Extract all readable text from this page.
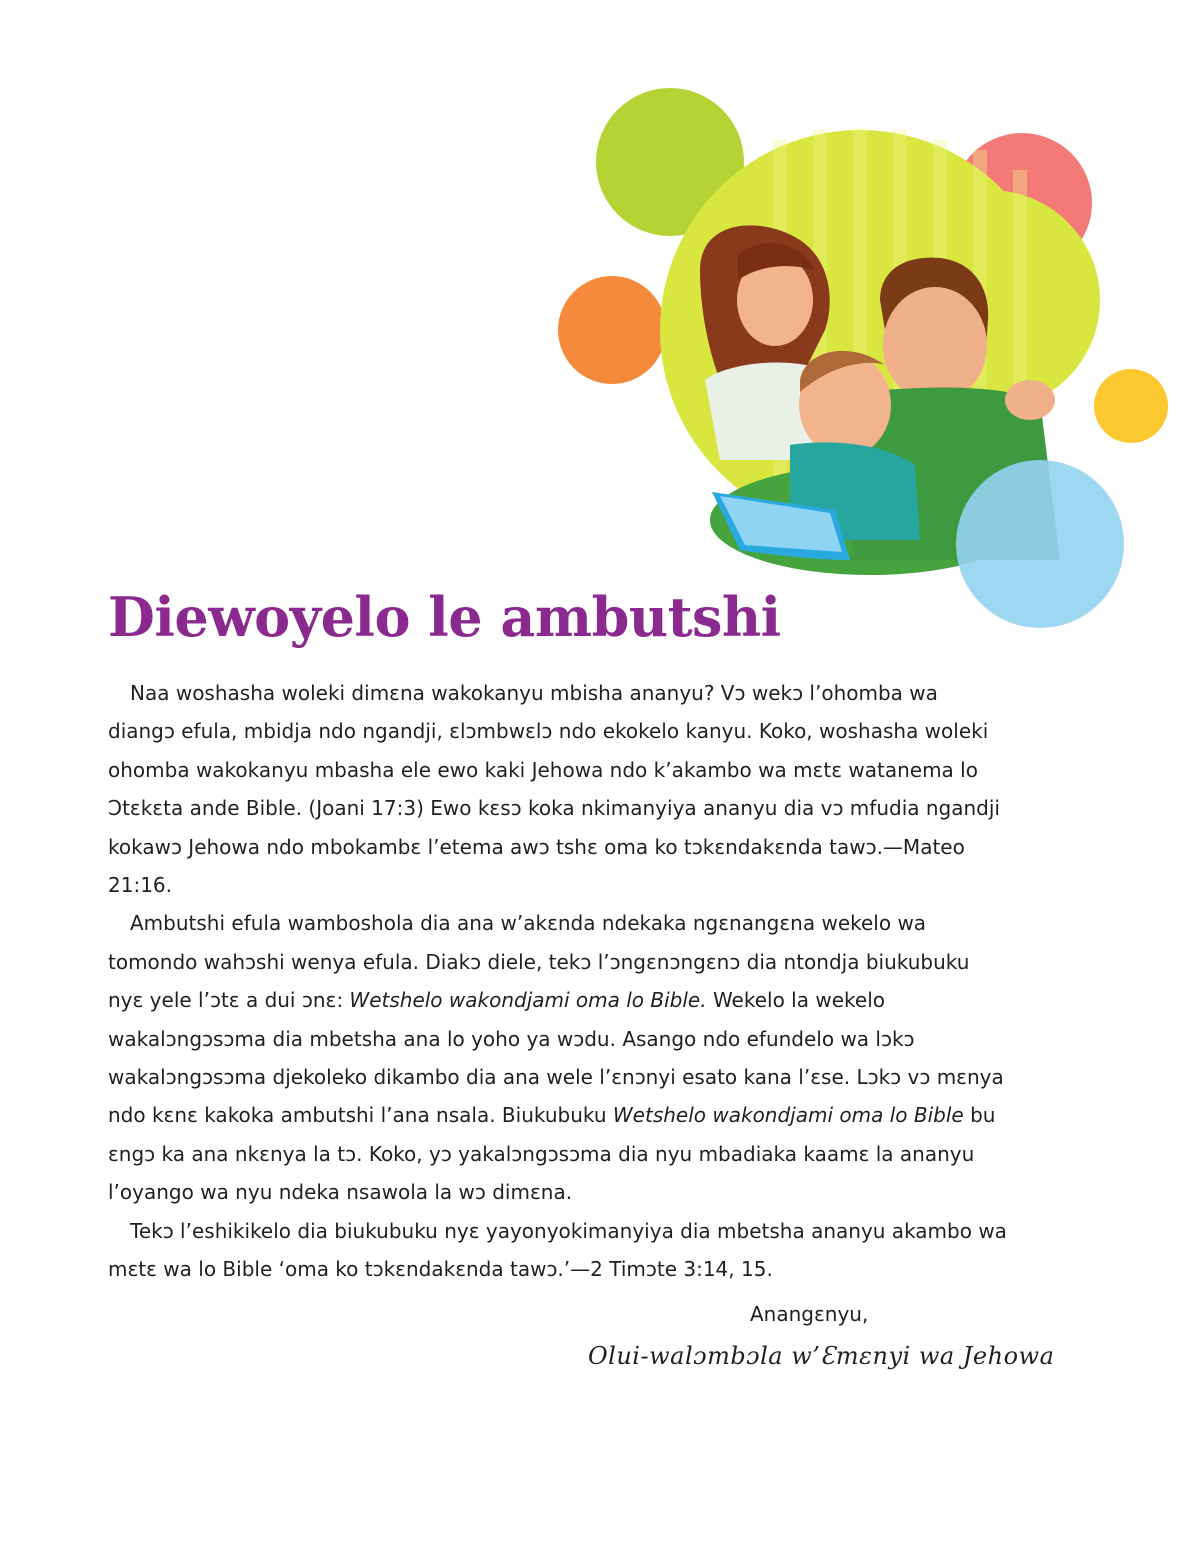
Diewoyelo le ambutshi

Naa woshasha woleki dimɛna wakokanyu mbisha ananyu? Vɔ wekɔ l’ohomba wa diangɔ efula, mbidja ndo ngandji, ɛlɔmbwɛlɔ ndo ekokelo kanyu. Koko, woshasha woleki ohomba wakokanyu mbasha ele ewo kaki Jehowa ndo k’akambo wa mɛtɛ watanema lo Ɔtɛkɛta ande Bible. (Joani 17:3) Ewo kɛsɔ koka nkimanyiya ananyu dia vɔ mfudia ngandji kokawɔ Jehowa ndo mbokambɛ l’etema awɔ tshɛ oma ko tɔkɛndakɛnda tawɔ.—Mateo 21:16.

Ambutshi efula wamboshola dia ana w’akɛnda ndekaka ngɛnangɛna wekelo wa tomondo wahɔshi wenya efula. Diakɔ diele, tekɔ l’ɔngɛnɔngɛnɔ dia ntondja biukubuku nyɛ yele l’ɔtɛ a dui ɔnɛ: Wetshelo wakondjami oma lo Bible. Wekelo la wekelo wakalɔngɔsɔma dia mbetsha ana lo yoho ya wɔdu. Asango ndo efundelo wa lɔkɔ wakalɔngɔsɔma djekoleko dikambo dia ana wele l’ɛnɔnyi esato kana l’ɛse. Lɔkɔ vɔ mɛnya ndo kɛnɛ kakoka ambutshi l’ana nsala. Biukubuku Wetshelo wakondjami oma lo Bible bu ɛngɔ ka ana nkɛnya la tɔ. Koko, yɔ yakalɔngɔsɔma dia nyu mbadiaka kaamɛ la ananyu l’oyango wa nyu ndeka nsawola la wɔ dimɛna.

Tekɔ l’eshikikelo dia biukubuku nyɛ yayonyokimanyiya dia mbetsha ananyu akambo wa mɛtɛ wa lo Bible ‘oma ko tɔkɛndakɛnda tawɔ.’—2 Timɔte 3:14, 15.

Anangɛnyu,
Olui-walɔmbɔla w’Ɛmɛnyi wa Jehowa
